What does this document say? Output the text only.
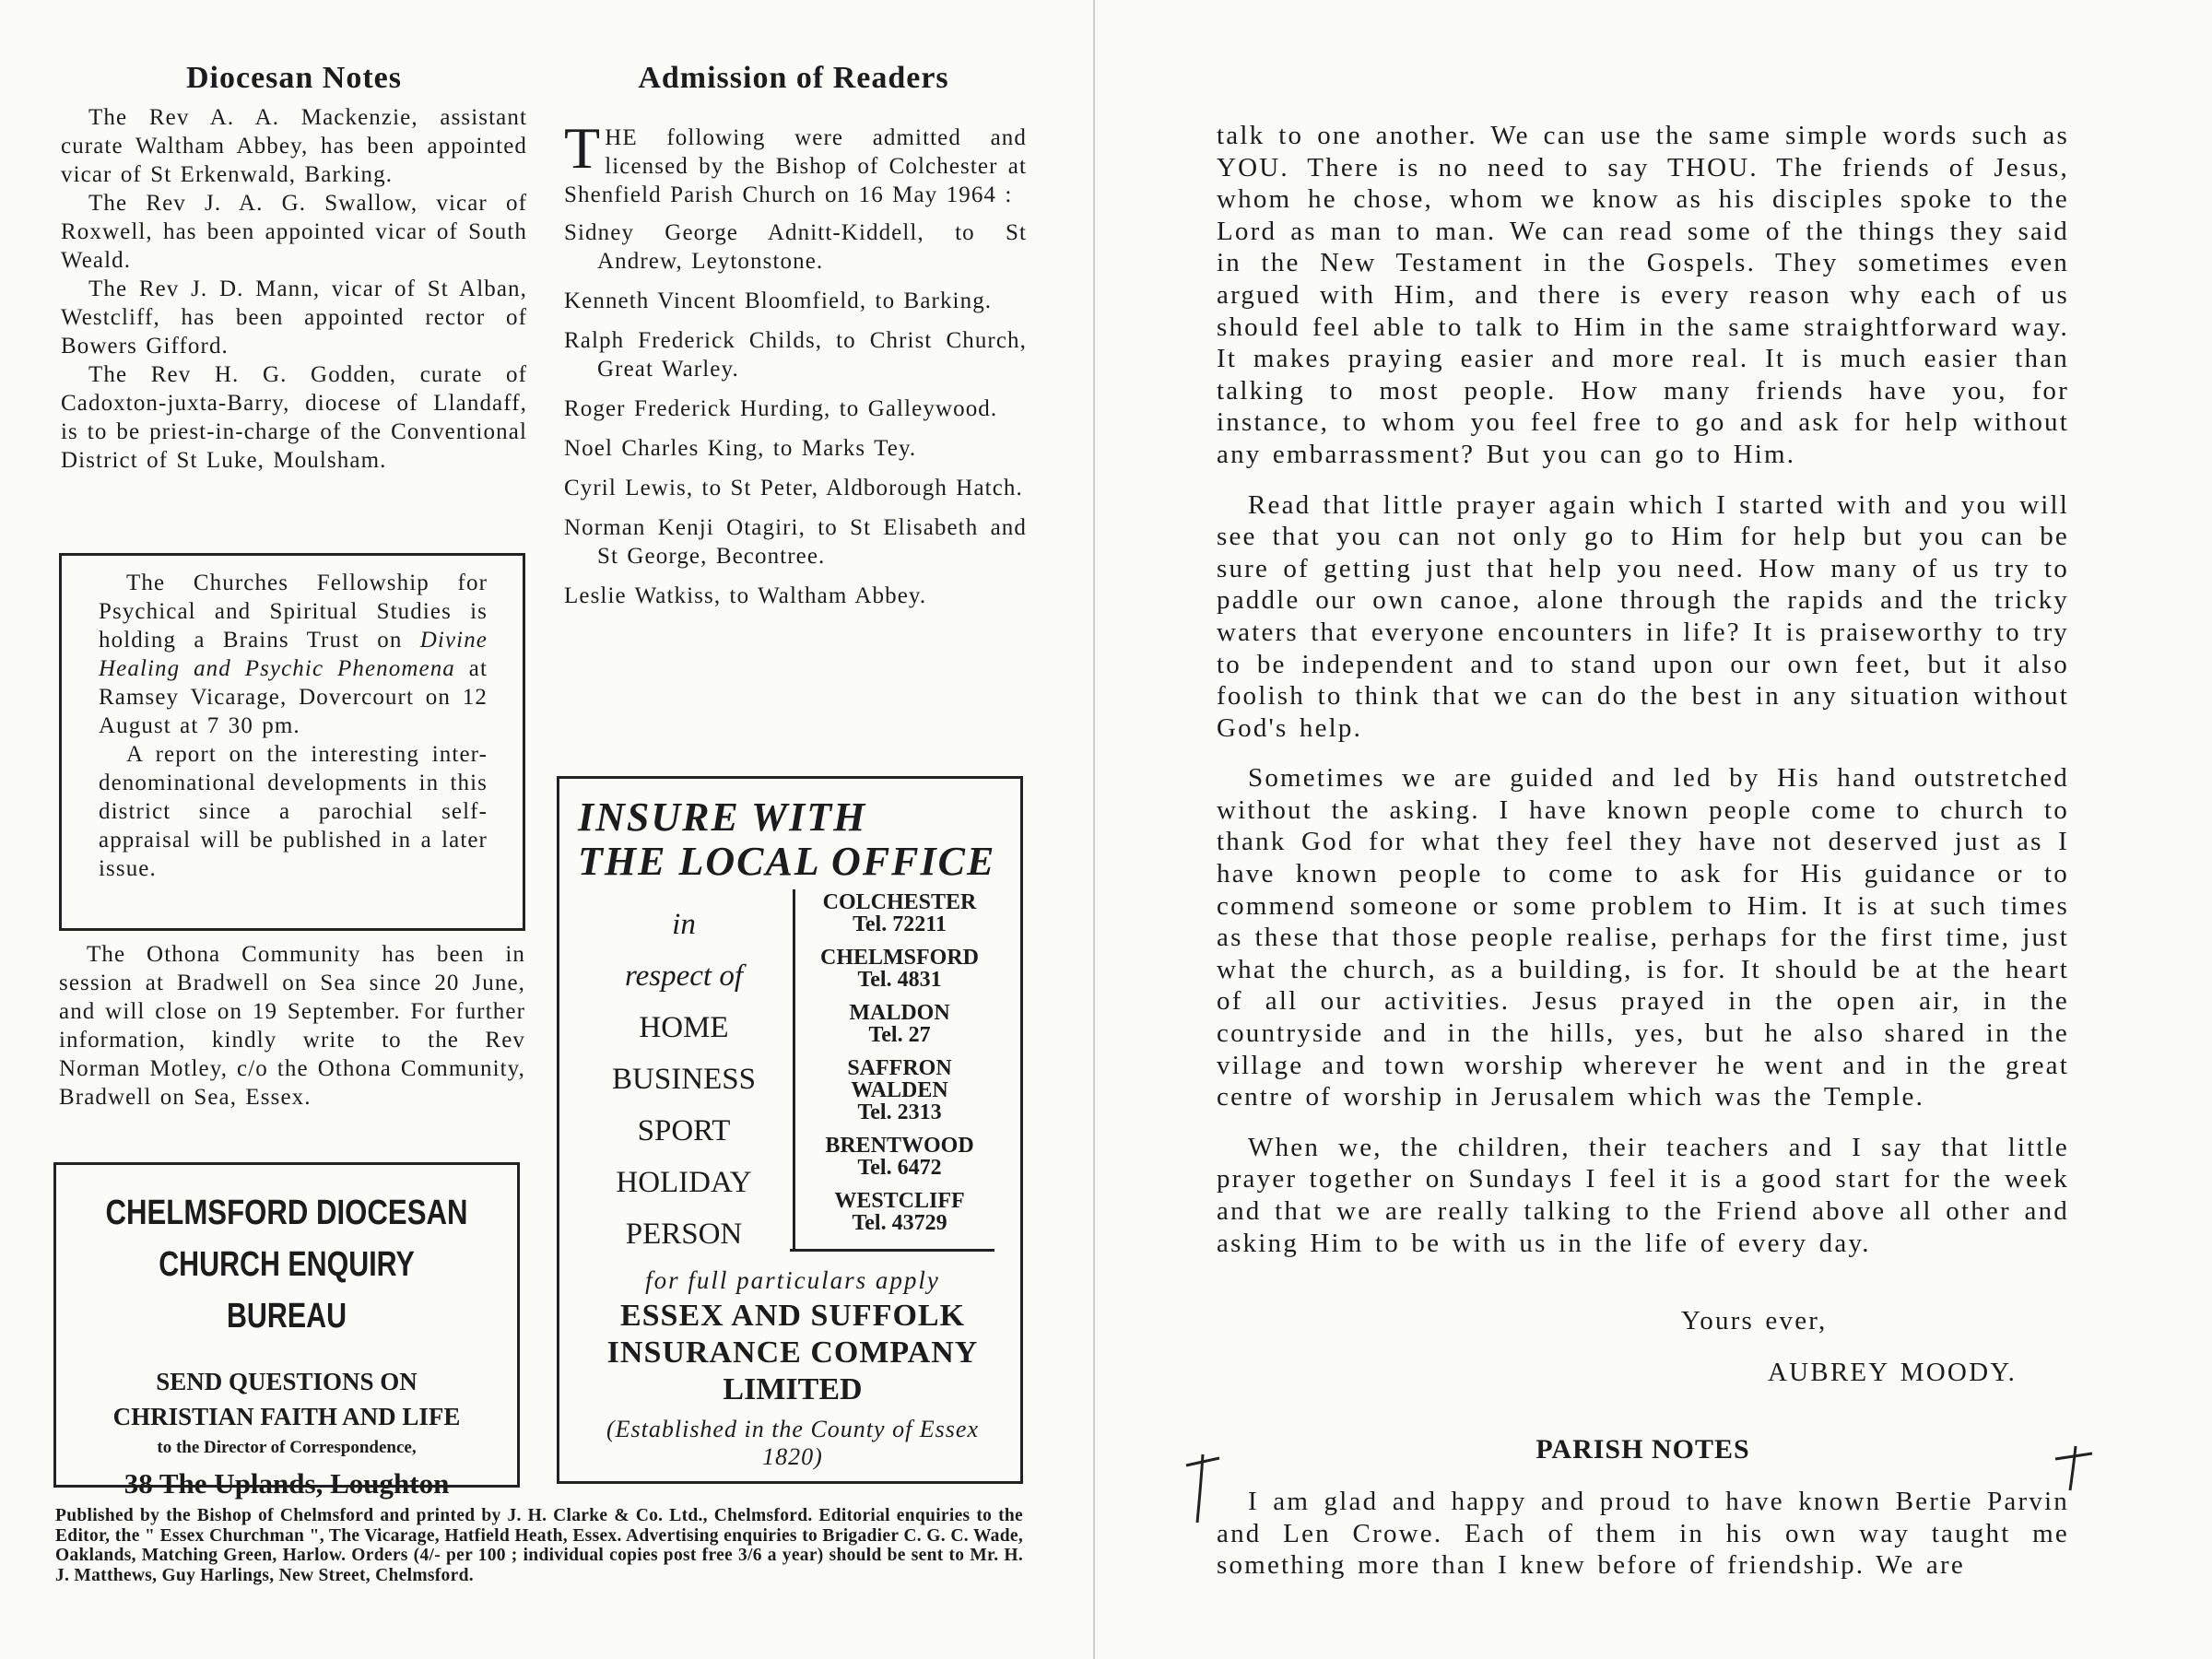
Diocesan Notes

The Rev A. A. Mackenzie, assistant curate Waltham Abbey, has been appointed vicar of St Erkenwald, Barking.

The Rev J. A. G. Swallow, vicar of Roxwell, has been appointed vicar of South Weald.

The Rev J. D. Mann, vicar of St Alban, Westcliff, has been appointed rector of Bowers Gifford.

The Rev H. G. Godden, curate of Cadoxton-juxta-Barry, diocese of Llandaff, is to be priest-in-charge of the Conventional District of St Luke, Moulsham.

The Churches Fellowship for Psychical and Spiritual Studies is holding a Brains Trust on Divine Healing and Psychic Phenomena at Ramsey Vicarage, Dovercourt on 12 August at 7 30 pm.

A report on the interesting inter-denominational developments in this district since a parochial self-appraisal will be published in a later issue.

The Othona Community has been in session at Bradwell on Sea since 20 June, and will close on 19 September. For further information, kindly write to the Rev Norman Motley, c/o the Othona Community, Bradwell on Sea, Essex.

CHELMSFORD DIOCESAN
CHURCH ENQUIRY BUREAU
SEND QUESTIONS ON
CHRISTIAN FAITH AND LIFE
to the Director of Correspondence,
38 The Uplands, Loughton
Published by the Bishop of Chelmsford and printed by J. H. Clarke & Co. Ltd., Chelmsford. Editorial enquiries to the Editor, the " Essex Churchman ", The Vicarage, Hatfield Heath, Essex. Advertising enquiries to Brigadier C. G. C. Wade, Oaklands, Matching Green, Harlow. Orders (4/- per 100 ; individual copies post free 3/6 a year) should be sent to Mr. H. J. Matthews, Guy Harlings, New Street, Chelmsford.
Admission of Readers

THE following were admitted and licensed by the Bishop of Colchester at Shenfield Parish Church on 16 May 1964 :

Sidney George Adnitt-Kiddell, to St Andrew, Leytonstone.

Kenneth Vincent Bloomfield, to Barking.

Ralph Frederick Childs, to Christ Church, Great Warley.

Roger Frederick Hurding, to Galleywood.

Noel Charles King, to Marks Tey.

Cyril Lewis, to St Peter, Aldborough Hatch.

Norman Kenji Otagiri, to St Elisabeth and St George, Becontree.

Leslie Watkiss, to Waltham Abbey.

INSURE WITH
THE LOCAL OFFICE
in
respect of
HOME
BUSINESS
SPORT
HOLIDAY
PERSON
COLCHESTER
Tel. 72211
CHELMSFORD
Tel. 4831
MALDON
Tel. 27
SAFFRON WALDEN
Tel. 2313
BRENTWOOD
Tel. 6472
WESTCLIFF
Tel. 43729
for full particulars apply
ESSEX AND SUFFOLK
INSURANCE COMPANY
LIMITED
(Established in the County of Essex 1820)

talk to one another. We can use the same simple words such as YOU. There is no need to say THOU. The friends of Jesus, whom he chose, whom we know as his disciples spoke to the Lord as man to man. We can read some of the things they said in the New Testament in the Gospels. They sometimes even argued with Him, and there is every reason why each of us should feel able to talk to Him in the same straightforward way. It makes praying easier and more real. It is much easier than talking to most people. How many friends have you, for instance, to whom you feel free to go and ask for help without any embarrassment? But you can go to Him.

Read that little prayer again which I started with and you will see that you can not only go to Him for help but you can be sure of getting just that help you need. How many of us try to paddle our own canoe, alone through the rapids and the tricky waters that everyone encounters in life? It is praiseworthy to try to be independent and to stand upon our own feet, but it also foolish to think that we can do the best in any situation without God's help.

Sometimes we are guided and led by His hand outstretched without the asking. I have known people come to church to thank God for what they feel they have not deserved just as I have known people to come to ask for His guidance or to commend someone or some problem to Him. It is at such times as these that those people realise, perhaps for the first time, just what the church, as a building, is for. It should be at the heart of all our activities. Jesus prayed in the open air, in the countryside and in the hills, yes, but he also shared in the village and town worship wherever he went and in the great centre of worship in Jerusalem which was the Temple.

When we, the children, their teachers and I say that little prayer together on Sundays I feel it is a good start for the week and that we are really talking to the Friend above all other and asking Him to be with us in the life of every day.

Yours ever,
AUBREY MOODY.
PARISH NOTES

I am glad and happy and proud to have known Bertie Parvin and Len Crowe. Each of them in his own way taught me something more than I knew before of friendship. We are
